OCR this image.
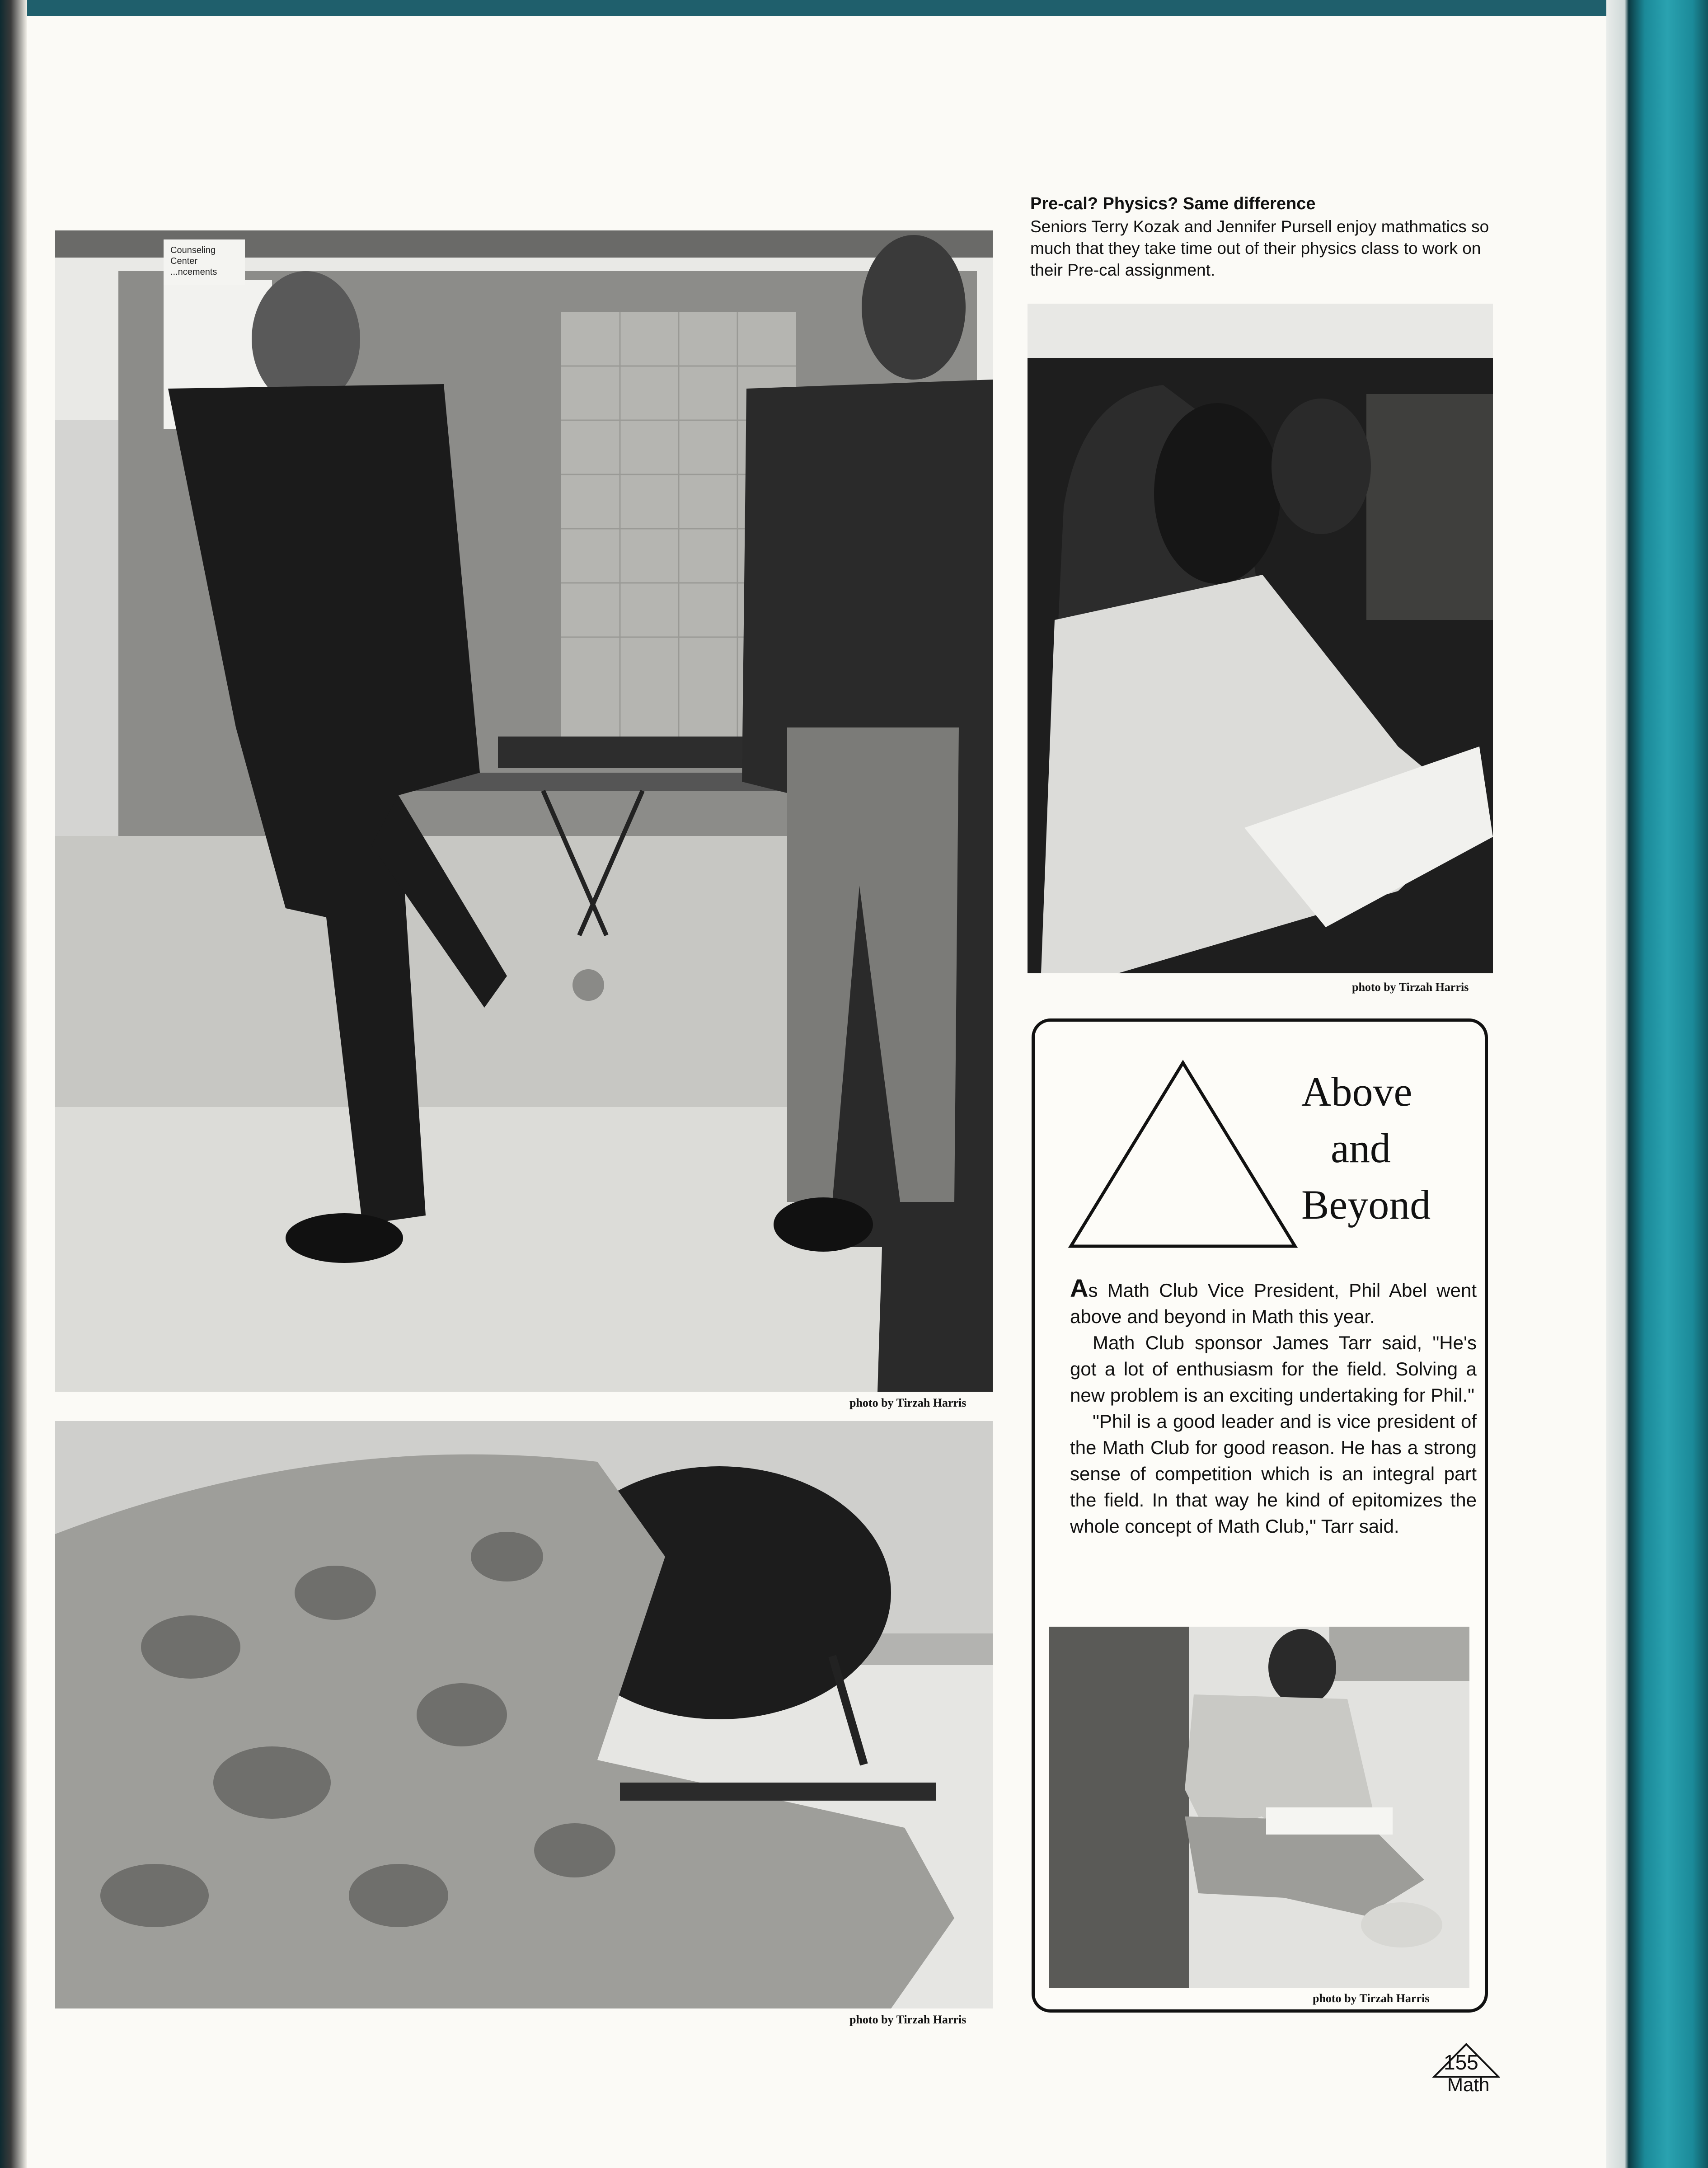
Counseling
Center
...ncements
photo by Tirzah Harris
photo by Tirzah Harris
Pre-cal? Physics? Same difference
Seniors Terry Kozak and Jennifer Pursell enjoy mathmatics so much that they take time out of their physics class to work on their Pre-cal assignment.
photo by Tirzah Harris
Above
and
Beyond

As Math Club Vice President, Phil Abel went above and beyond in Math this year.

Math Club sponsor James Tarr said, "He's got a lot of enthusiasm for the field. Solving a new problem is an exciting undertaking for Phil."

"Phil is a good leader and is vice president of the Math Club for good reason. He has a strong sense of competition which is an integral part the field. In that way he kind of epitomizes the whole concept of Math Club," Tarr said.

photo by Tirzah Harris
155
Math
